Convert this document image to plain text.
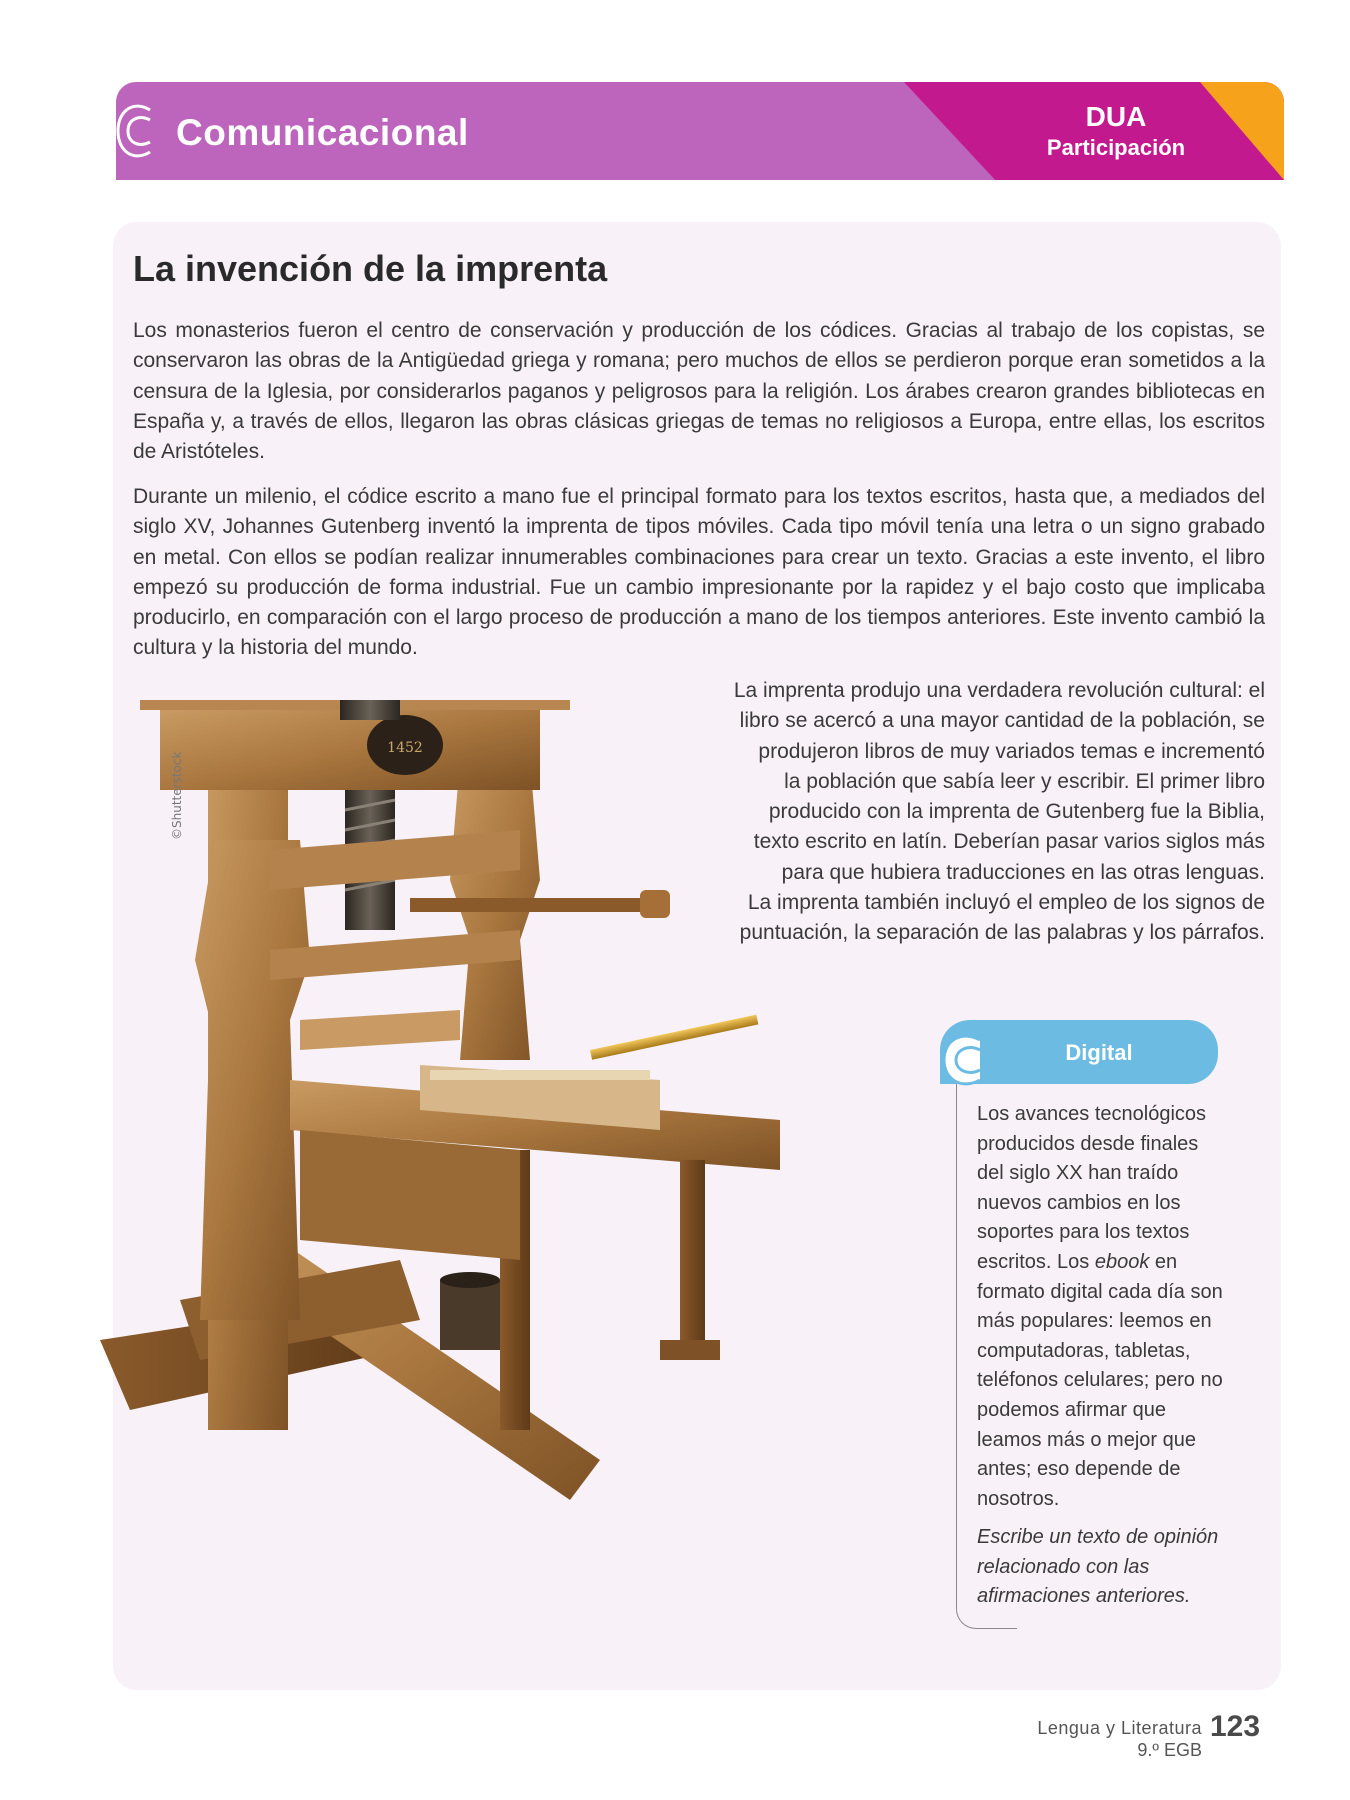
Comunicacional	DUA
Participación
La invención de la imprenta

Los monasterios fueron el centro de conservación y producción de los códices. Gracias al trabajo de los copistas, se conservaron las obras de la Antigüedad griega y romana; pero muchos de ellos se perdieron porque eran sometidos a la censura de la Iglesia, por considerarlos paganos y peligrosos para la religión. Los árabes crearon grandes bibliotecas en España y, a través de ellos, llegaron las obras clásicas griegas de temas no religiosos a Europa, entre ellas, los escritos de Aristóteles.

Durante un milenio, el códice escrito a mano fue el principal formato para los textos escritos, hasta que, a mediados del siglo XV, Johannes Gutenberg inventó la imprenta de tipos móviles. Cada tipo móvil tenía una letra o un signo grabado en metal. Con ellos se podían realizar innumerables combinaciones para crear un texto. Gracias a este invento, el libro empezó su producción de forma industrial. Fue un cambio impresionante por la rapidez y el bajo costo que implicaba producirlo, en comparación con el largo proceso de producción a mano de los tiempos anteriores. Este invento cambió la cultura y la historia del mundo.

1452
©Shutterstock
La imprenta produjo una verdadera revolución cultural: el
libro se acercó a una mayor cantidad de la población, se
produjeron libros de muy variados temas e incrementó
la población que sabía leer y escribir. El primer libro
producido con la imprenta de Gutenberg fue la Biblia,
texto escrito en latín. Deberían pasar varios siglos más
para que hubiera traducciones en las otras lenguas.
La imprenta también incluyó el empleo de los signos de
puntuación, la separación de las palabras y los párrafos.
Digital

Los avances tecnológicos producidos desde finales del siglo XX han traído nuevos cambios en los soportes para los textos escritos. Los ebook en formato digital cada día son más populares: leemos en computadoras, tabletas, teléfonos celulares; pero no podemos afirmar que leamos más o mejor que antes; eso depende de nosotros.

Escribe un texto de opinión relacionado con las afirmaciones anteriores.

Lengua y Literatura
9.º EGB
123
